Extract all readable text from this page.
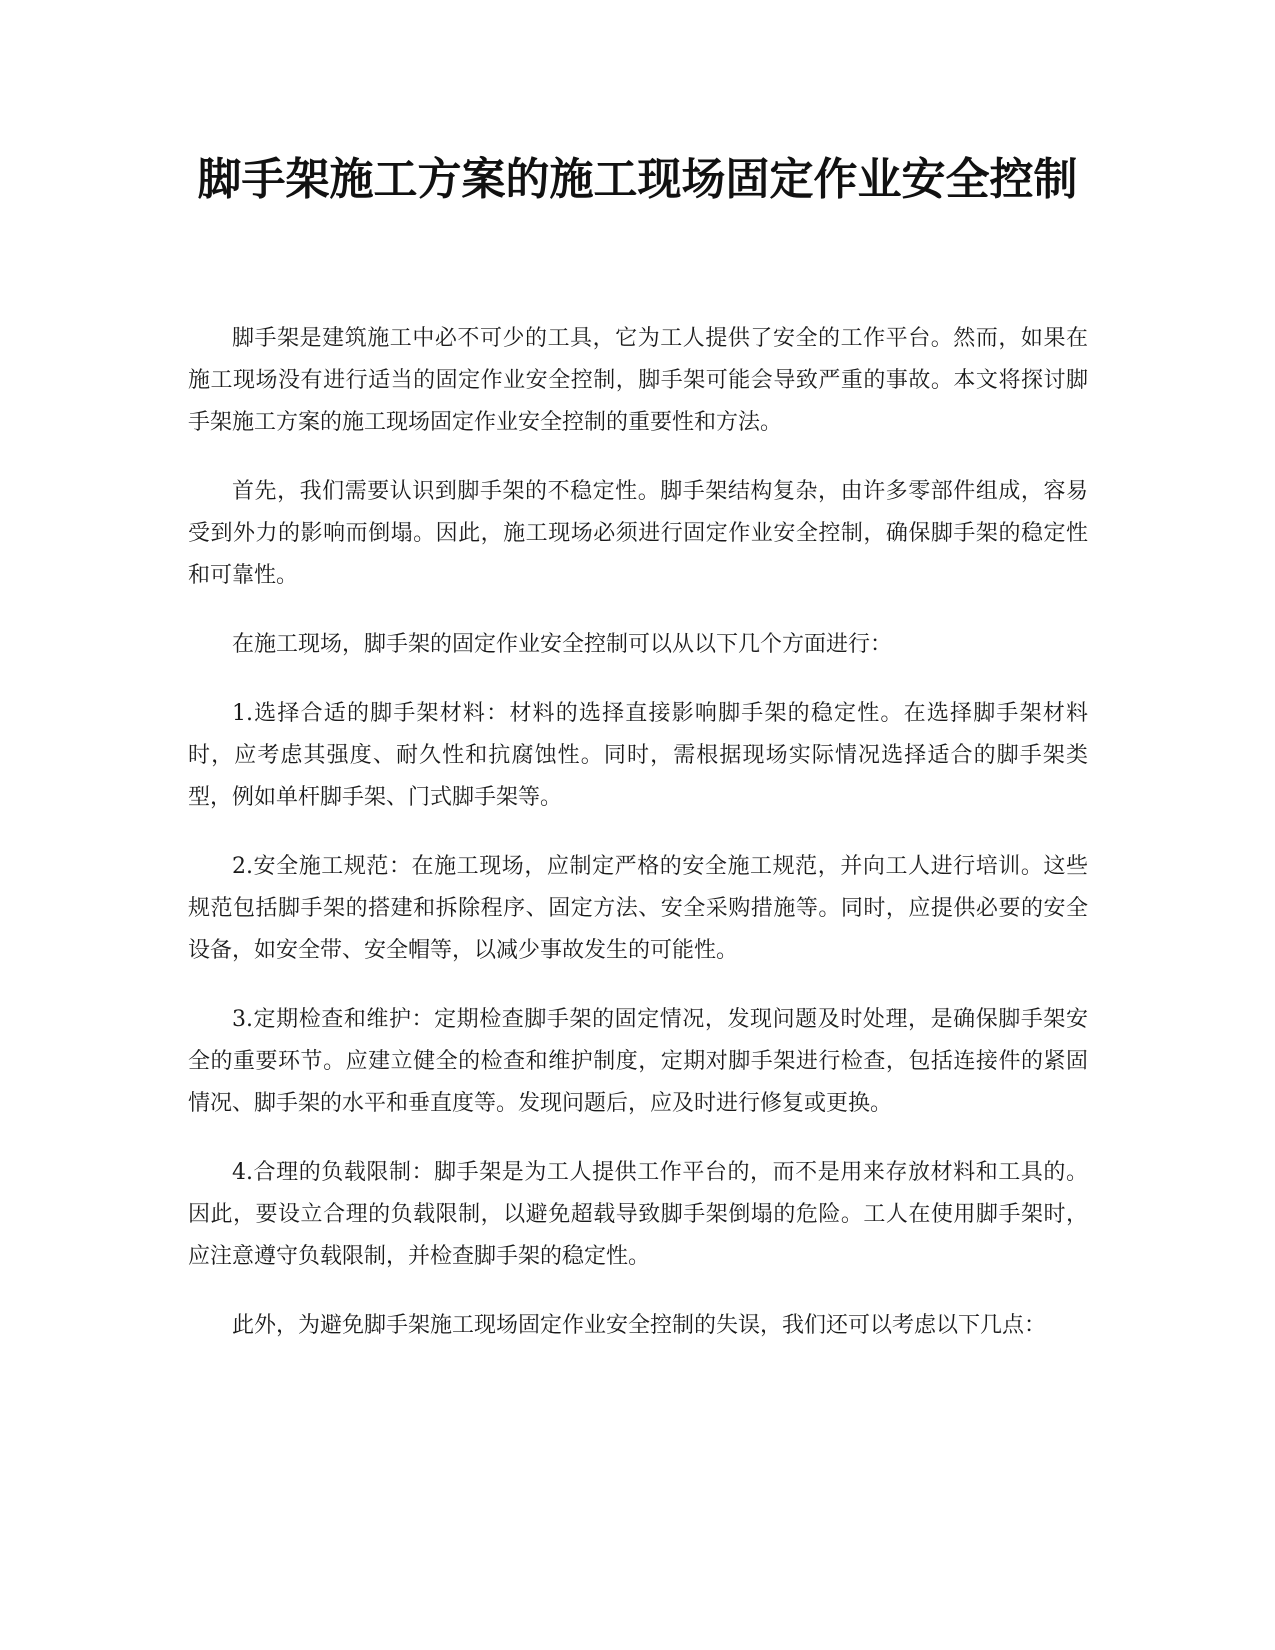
脚手架施工方案的施工现场固定作业安全控制

脚手架是建筑施工中必不可少的工具，它为工人提供了安全的工作平台。然而，如果在施工现场没有进行适当的固定作业安全控制，脚手架可能会导致严重的事故。本文将探讨脚手架施工方案的施工现场固定作业安全控制的重要性和方法。

首先，我们需要认识到脚手架的不稳定性。脚手架结构复杂，由许多零部件组成，容易受到外力的影响而倒塌。因此，施工现场必须进行固定作业安全控制，确保脚手架的稳定性和可靠性。

在施工现场，脚手架的固定作业安全控制可以从以下几个方面进行：

1.选择合适的脚手架材料：材料的选择直接影响脚手架的稳定性。在选择脚手架材料时，应考虑其强度、耐久性和抗腐蚀性。同时，需根据现场实际情况选择适合的脚手架类型，例如单杆脚手架、门式脚手架等。

2.安全施工规范：在施工现场，应制定严格的安全施工规范，并向工人进行培训。这些规范包括脚手架的搭建和拆除程序、固定方法、安全采购措施等。同时，应提供必要的安全设备，如安全带、安全帽等，以减少事故发生的可能性。

3.定期检查和维护：定期检查脚手架的固定情况，发现问题及时处理，是确保脚手架安全的重要环节。应建立健全的检查和维护制度，定期对脚手架进行检查，包括连接件的紧固情况、脚手架的水平和垂直度等。发现问题后，应及时进行修复或更换。

4.合理的负载限制：脚手架是为工人提供工作平台的，而不是用来存放材料和工具的。因此，要设立合理的负载限制，以避免超载导致脚手架倒塌的危险。工人在使用脚手架时，应注意遵守负载限制，并检查脚手架的稳定性。

此外，为避免脚手架施工现场固定作业安全控制的失误，我们还可以考虑以下几点：
